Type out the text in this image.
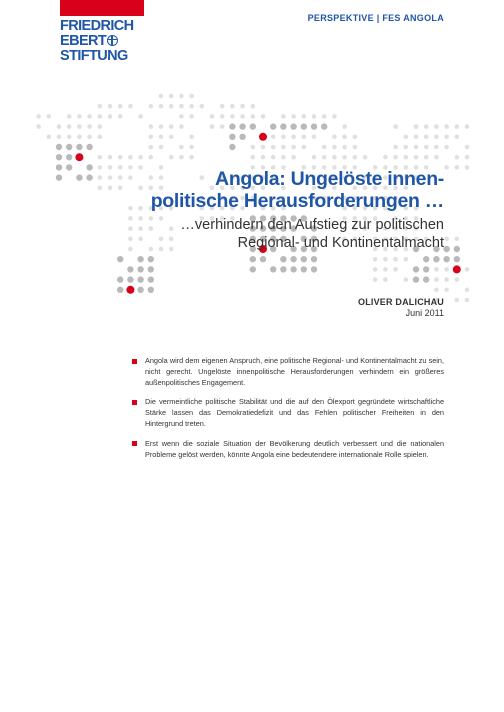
FRIEDRICH
EBERT
STIFTUNG
PERSPEKTIVE | FES ANGOLA
Angola: Ungelöste innen-
politische Herausforderungen …
…verhindern den Aufstieg zur politischen
Regional- und Kontinentalmacht
OLIVER DALICHAU
Juni 2011
Angola wird dem eigenen Anspruch, eine politische Regional- und Kontinentalmacht zu sein, nicht gerecht. Ungelöste innenpolitische Herausforderungen verhindern ein größeres außenpolitisches Engagement.
Die vermeintliche politische Stabilität und die auf den Ölexport gegründete wirtschaftliche Stärke lassen das Demokratiedefizit und das Fehlen politischer Freiheiten in den Hintergrund treten.
Erst wenn die soziale Situation der Bevölkerung deutlich verbessert und die nationalen Probleme gelöst werden, könnte Angola eine bedeutendere internationale Rolle spielen.
